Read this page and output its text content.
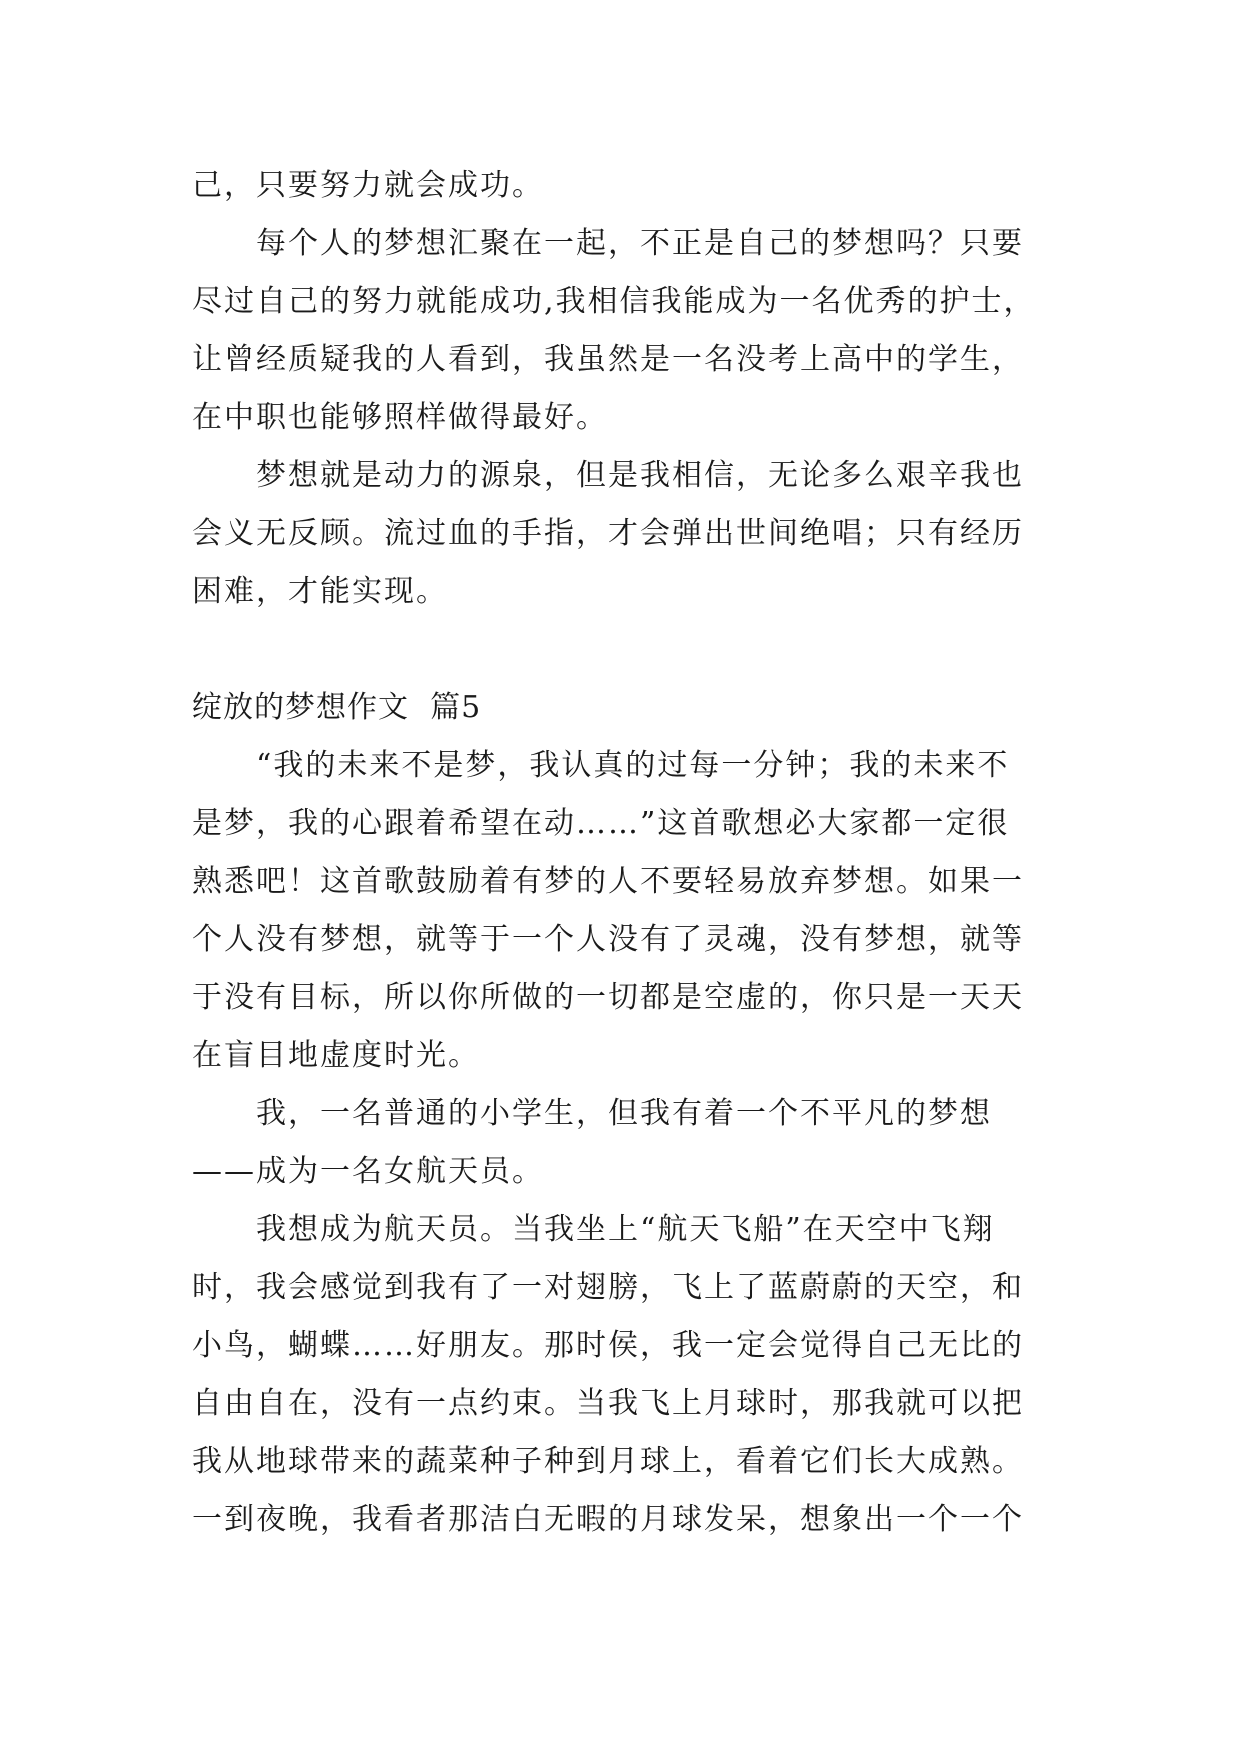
己，只要努力就会成功。
每个人的梦想汇聚在一起，不正是自己的梦想吗？只要
尽过自己的努力就能成功,我相信我能成为一名优秀的护士，
让曾经质疑我的人看到，我虽然是一名没考上高中的学生，
在中职也能够照样做得最好。
梦想就是动力的源泉，但是我相信，无论多么艰辛我也
会义无反顾。流过血的手指，才会弹出世间绝唱；只有经历
困难，才能实现。
绽放的梦想作文  篇5
“我的未来不是梦，我认真的过每一分钟；我的未来不
是梦，我的心跟着希望在动……”这首歌想必大家都一定很
熟悉吧！这首歌鼓励着有梦的人不要轻易放弃梦想。如果一
个人没有梦想，就等于一个人没有了灵魂，没有梦想，就等
于没有目标，所以你所做的一切都是空虚的，你只是一天天
在盲目地虚度时光。
我，一名普通的小学生，但我有着一个不平凡的梦想
——成为一名女航天员。
我想成为航天员。当我坐上“航天飞船”在天空中飞翔
时，我会感觉到我有了一对翅膀，飞上了蓝蔚蔚的天空，和
小鸟，蝴蝶……好朋友。那时侯，我一定会觉得自己无比的
自由自在，没有一点约束。当我飞上月球时，那我就可以把
我从地球带来的蔬菜种子种到月球上，看着它们长大成熟。
一到夜晚，我看者那洁白无暇的月球发呆，想象出一个一个
